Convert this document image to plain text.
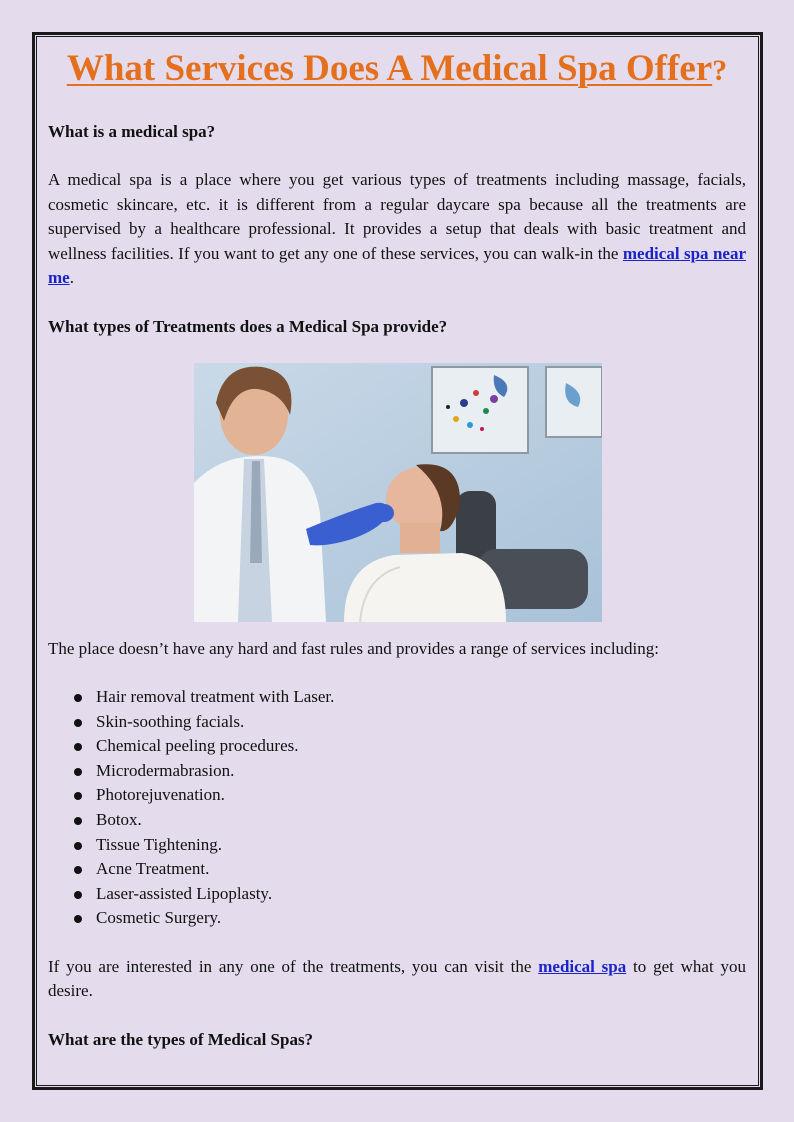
What Services Does A Medical Spa Offer?

What is a medical spa?

A medical spa is a place where you get various types of treatments including massage, facials, cosmetic skincare, etc. it is different from a regular daycare spa because all the treatments are supervised by a healthcare professional. It provides a setup that deals with basic treatment and wellness facilities. If you want to get any one of these services, you can walk-in the medical spa near me.

What types of Treatments does a Medical Spa provide?

The place doesn’t have any hard and fast rules and provides a range of services including:

Hair removal treatment with Laser.
Skin-soothing facials.
Chemical peeling procedures.
Microdermabrasion.
Photorejuvenation.
Botox.
Tissue Tightening.
Acne Treatment.
Laser-assisted Lipoplasty.
Cosmetic Surgery.

If you are interested in any one of the treatments, you can visit the medical spa to get what you desire.

What are the types of Medical Spas?
